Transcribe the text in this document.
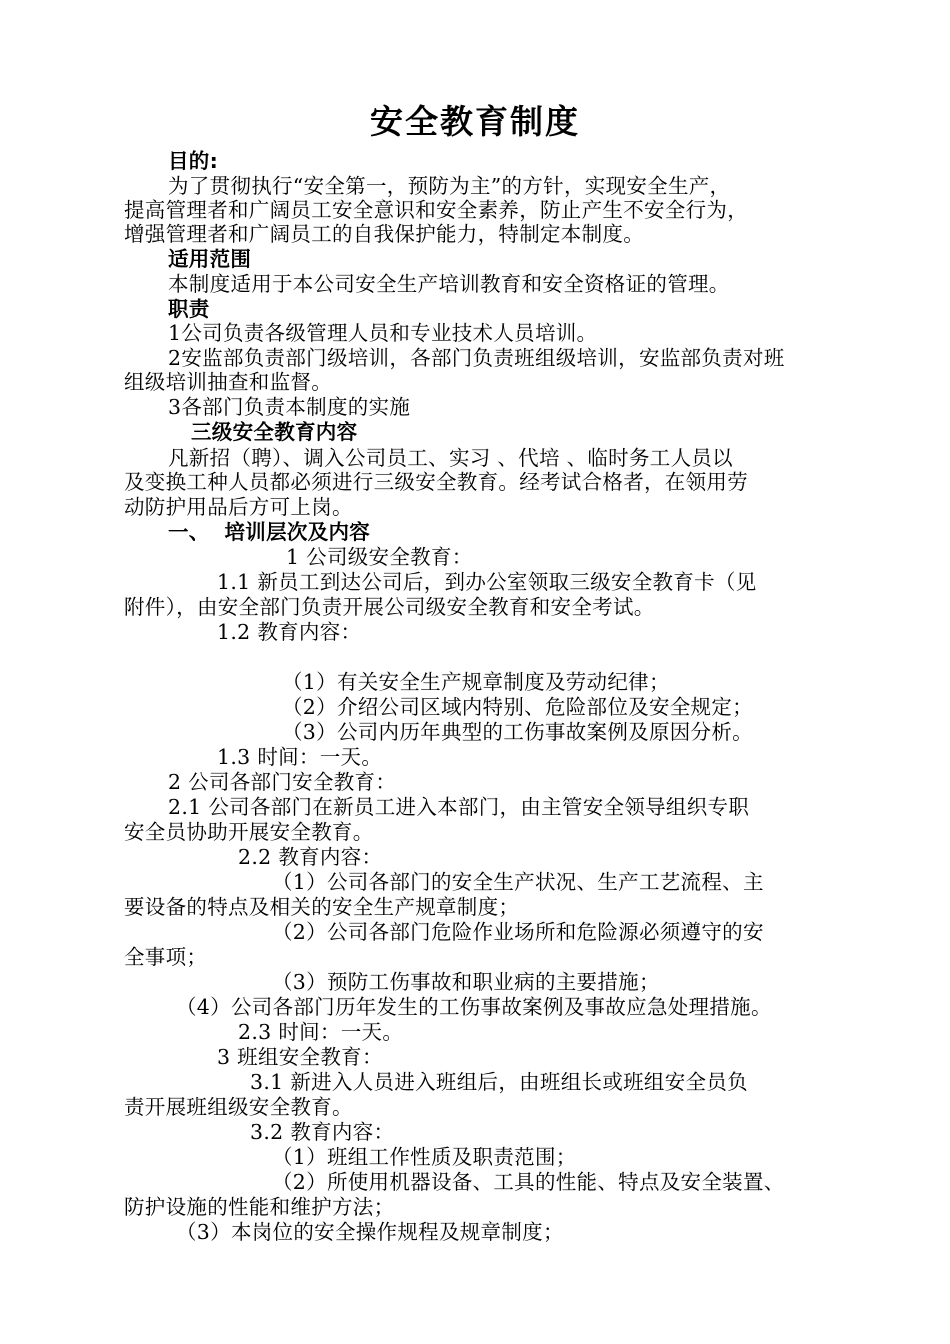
安全教育制度
目的:
为了贯彻执行“安全第一，预防为主”的方针，实现安全生产，
提高管理者和广阔员工安全意识和安全素养，防止产生不安全行为，
增强管理者和广阔员工的自我保护能力，特制定本制度。
适用范围
本制度适用于本公司安全生产培训教育和安全资格证的管理。
职责
1公司负责各级管理人员和专业技术人员培训。
2安监部负责部门级培训，各部门负责班组级培训，安监部负责对班
组级培训抽查和监督。
3各部门负责本制度的实施
三级安全教育内容
凡新招（聘）、调入公司员工、实习 、代培 、临时务工人员以
及变换工种人员都必须进行三级安全教育。经考试合格者，在领用劳
动防护用品后方可上岗。
一、  培训层次及内容
1 公司级安全教育：
1.1 新员工到达公司后，到办公室领取三级安全教育卡（见
附件），由安全部门负责开展公司级安全教育和安全考试。
1.2 教育内容：
（1）有关安全生产规章制度及劳动纪律；
（2）介绍公司区域内特别、危险部位及安全规定；
（3）公司内历年典型的工伤事故案例及原因分析。
1.3 时间：一天。
2 公司各部门安全教育：
2.1 公司各部门在新员工进入本部门，由主管安全领导组织专职
安全员协助开展安全教育。
2.2 教育内容：
（1）公司各部门的安全生产状况、生产工艺流程、主
要设备的特点及相关的安全生产规章制度；
（2）公司各部门危险作业场所和危险源必须遵守的安
全事项；
（3）预防工伤事故和职业病的主要措施；
（4）公司各部门历年发生的工伤事故案例及事故应急处理措施。
2.3 时间：一天。
3 班组安全教育：
3.1 新进入人员进入班组后，由班组长或班组安全员负
责开展班组级安全教育。
3.2 教育内容：
（1）班组工作性质及职责范围；
（2）所使用机器设备、工具的性能、特点及安全装置、
防护设施的性能和维护方法；
（3）本岗位的安全操作规程及规章制度；
